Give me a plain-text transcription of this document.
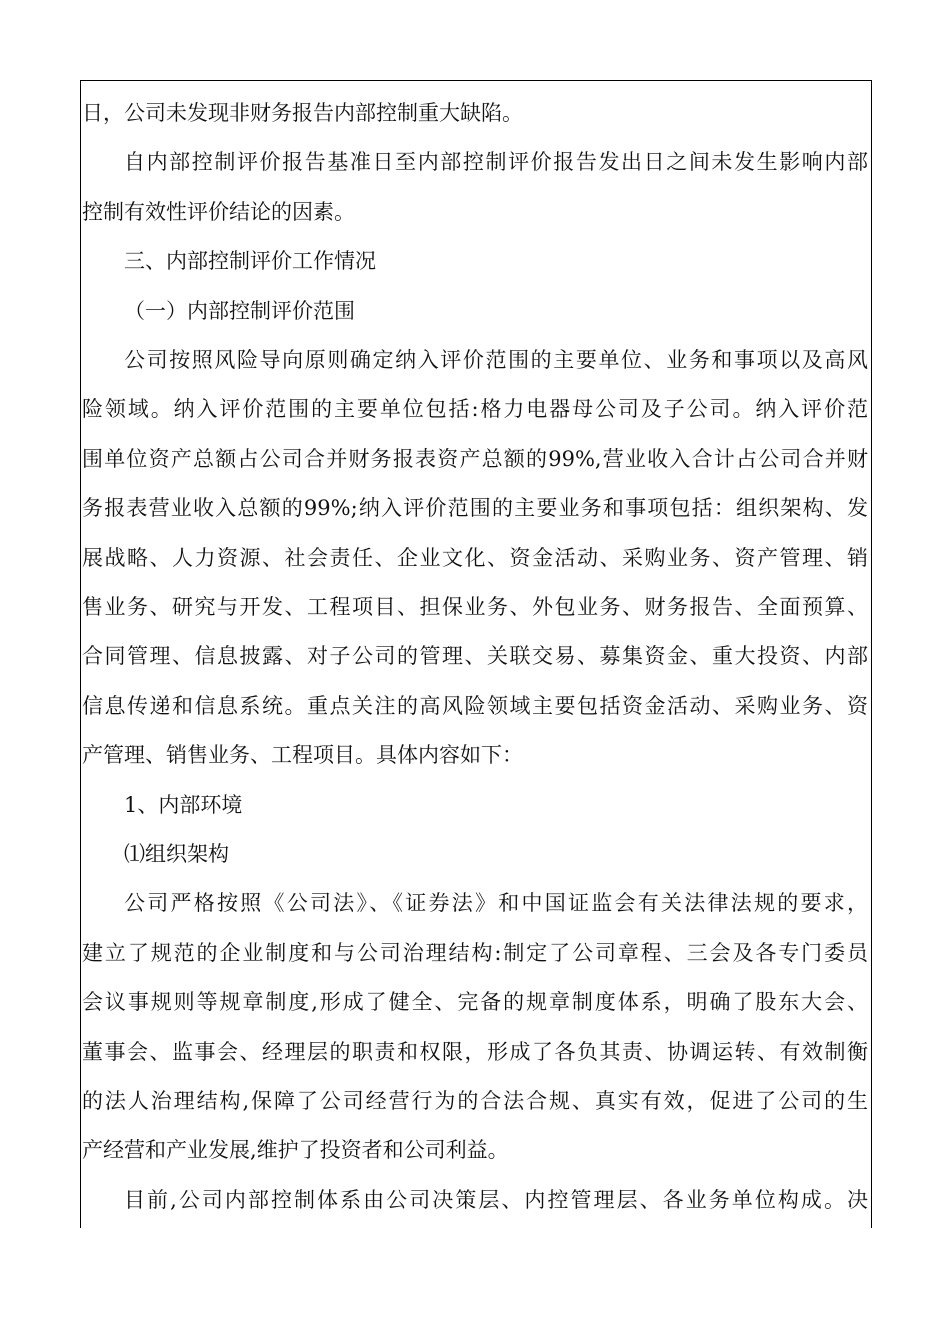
日，公司未发现非财务报告内部控制重大缺陷。
自内部控制评价报告基准日至内部控制评价报告发出日之间未发生影响内部
控制有效性评价结论的因素。
三、内部控制评价工作情况
（一）内部控制评价范围
公司按照风险导向原则确定纳入评价范围的主要单位、业务和事项以及高风
险领域。纳入评价范围的主要单位包括:格力电器母公司及子公司。纳入评价范
围单位资产总额占公司合并财务报表资产总额的99%,营业收入合计占公司合并财
务报表营业收入总额的99%;纳入评价范围的主要业务和事项包括：组织架构、发
展战略、人力资源、社会责任、企业文化、资金活动、采购业务、资产管理、销
售业务、研究与开发、工程项目、担保业务、外包业务、财务报告、全面预算、
合同管理、信息披露、对子公司的管理、关联交易、募集资金、重大投资、内部
信息传递和信息系统。重点关注的高风险领域主要包括资金活动、采购业务、资
产管理、销售业务、工程项目。具体内容如下：
1、内部环境
⑴组织架构
公司严格按照《公司法》、《证券法》和中国证监会有关法律法规的要求，
建立了规范的企业制度和与公司治理结构:制定了公司章程、三会及各专门委员
会议事规则等规章制度,形成了健全、完备的规章制度体系，明确了股东大会、
董事会、监事会、经理层的职责和权限，形成了各负其责、协调运转、有效制衡
的法人治理结构,保障了公司经营行为的合法合规、真实有效，促进了公司的生
产经营和产业发展,维护了投资者和公司利益。
目前,公司内部控制体系由公司决策层、内控管理层、各业务单位构成。决
